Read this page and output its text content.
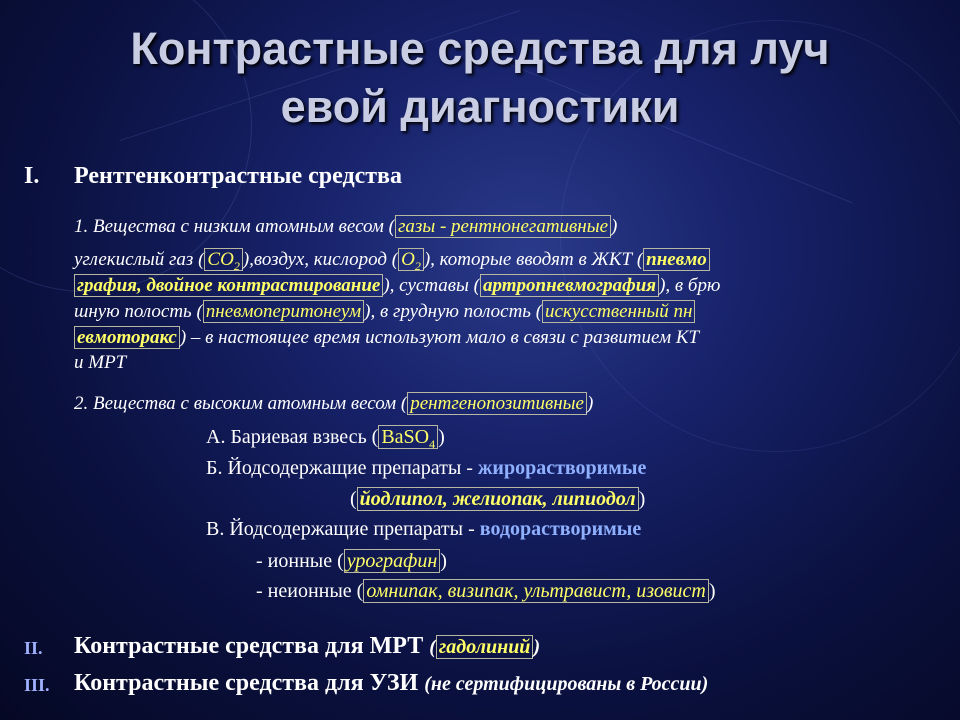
Контрастные средства для луч
евой диагностики
I. Рентгенконтрастные средства
1. Вещества с низким атомным весом ( газы - рентнонегативные )
углекислый газ ( $СО_2$ ),воздух, кислород ( $О_2$ ), которые вводят в ЖКТ ( пневмо
графия, двойное контрастирование ), суставы ( артропневмография ), в брю
шную полость ( пневмоперитонеум ), в грудную полость ( искусственный пн
евмоторакс ) – в настоящее время используют мало в связи с развитием КТ
и МРТ
2. Вещества с высоким атомным весом ( рентгенопозитивные )
А. Бариевая взвесь ( BaSO$_4$ )
Б. Йодсодержащие препараты - жирорастворимые
( йодлипол, желиопак, липиодол )
В. Йодсодержащие препараты - водорастворимые
- ионные ( урографин )
- неионные ( омнипак, визипак, ультравист, изовист )
II. Контрастные средства для МРТ ( гадолиний )
III. Контрастные средства для УЗИ (не сертифицированы в России)
